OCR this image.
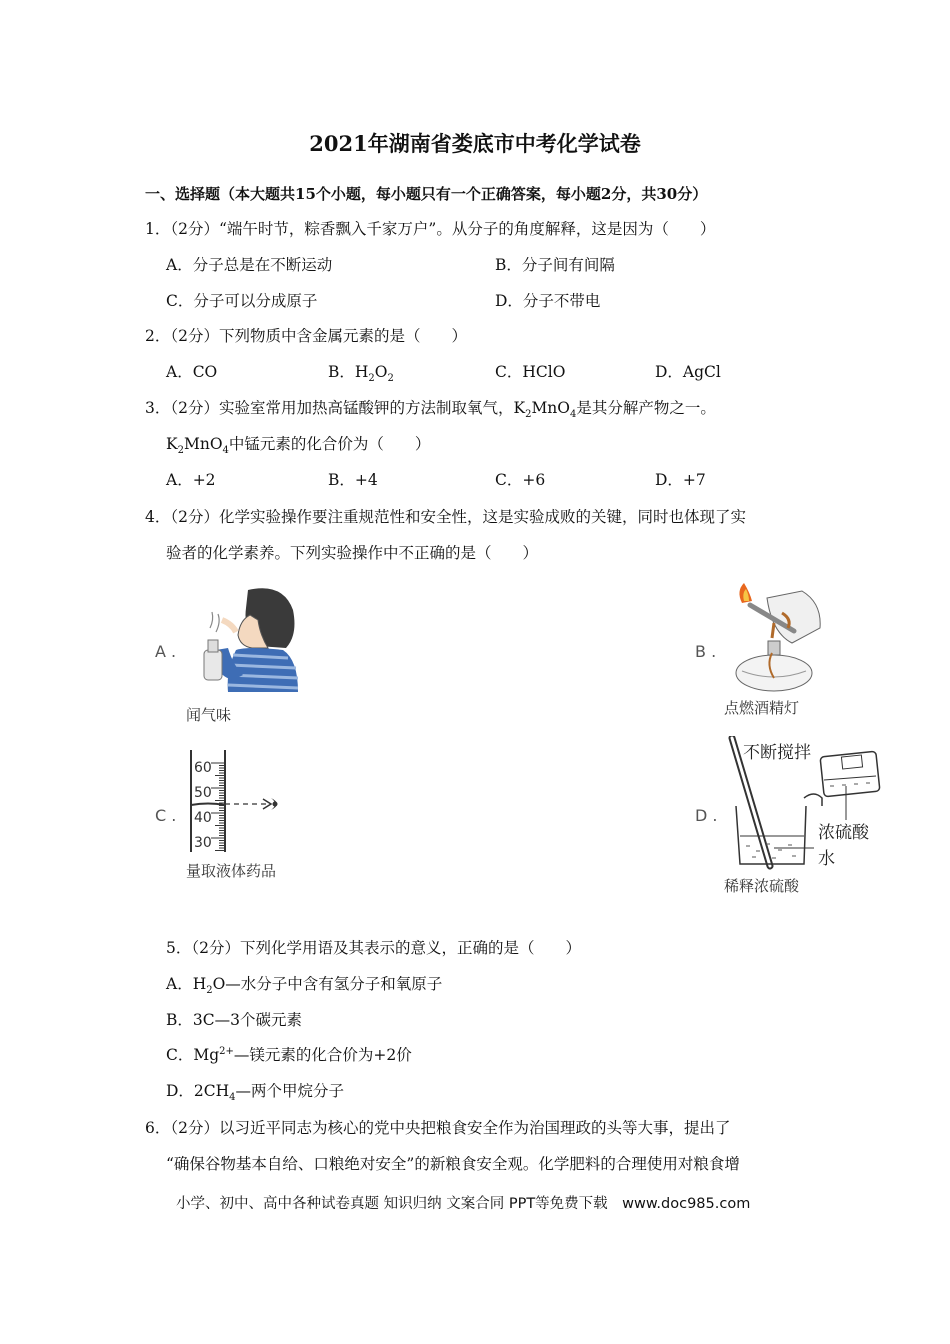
2021年湖南省娄底市中考化学试卷
一、选择题（本大题共15个小题，每小题只有一个正确答案，每小题2分，共30分）
1．（2分）“端午时节，粽香飘入千家万户”。从分子的角度解释，这是因为（　　）
A．分子总是在不断运动	B．分子间有间隔
C．分子可以分成原子	D．分子不带电
2．（2分）下列物质中含金属元素的是（　　）
A．CO	B．$H_2O_2$	C．HClO	D．AgCl
3．（2分）实验室常用加热高锰酸钾的方法制取氧气，$K_2MnO_4$是其分解产物之一。
$K_2MnO_4$中锰元素的化合价为（　　）
A．+2	B．+4	C．+6	D．+7
4．（2分）化学实验操作要注重规范性和安全性，这是实验成败的关键，同时也体现了实
验者的化学素养。下列实验操作中不正确的是（　　）
A .
闻气味
B .
点燃酒精灯
C .
60
50
40
30
量取液体药品
D .
不断搅拌
浓硫酸
水
稀释浓硫酸
5．（2分）下列化学用语及其表示的意义，正确的是（　　）
A．$H_2O—$水分子中含有氢分子和氧原子
B．3C—3个碳元素
C．$Mg^{2+}—$镁元素的化合价为+2价
D．$2CH_4—$两个甲烷分子
6．（2分）以习近平同志为核心的党中央把粮食安全作为治国理政的头等大事，提出了
“确保谷物基本自给、口粮绝对安全”的新粮食安全观。化学肥料的合理使用对粮食增
小学、初中、高中各种试卷真题 知识归纳 文案合同 PPT等免费下载　www.doc985.com
